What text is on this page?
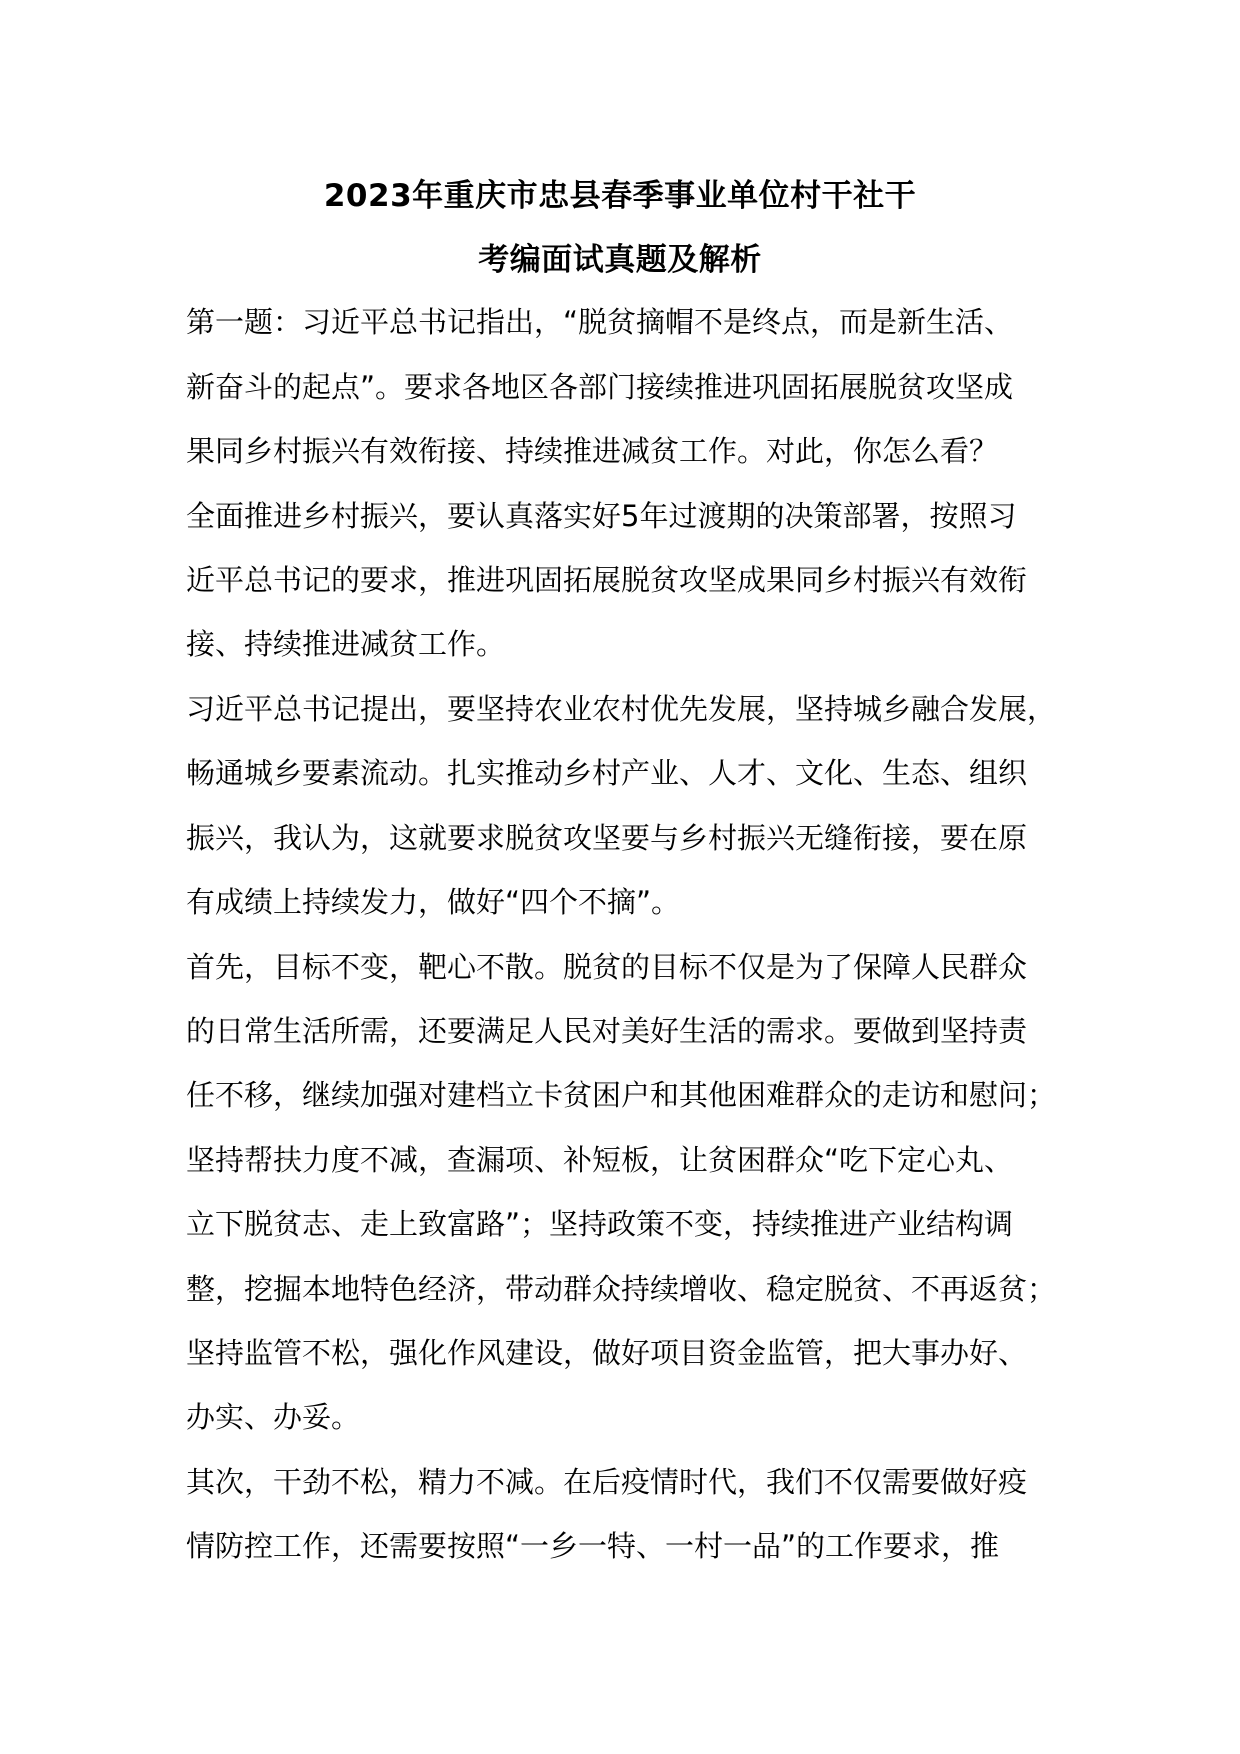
2023年重庆市忠县春季事业单位村干社干
考编面试真题及解析
第一题：习近平总书记指出，“脱贫摘帽不是终点，而是新生活、
新奋斗的起点”。要求各地区各部门接续推进巩固拓展脱贫攻坚成
果同乡村振兴有效衔接、持续推进减贫工作。对此，你怎么看？
全面推进乡村振兴，要认真落实好5年过渡期的决策部署，按照习
近平总书记的要求，推进巩固拓展脱贫攻坚成果同乡村振兴有效衔
接、持续推进减贫工作。
习近平总书记提出，要坚持农业农村优先发展，坚持城乡融合发展，
畅通城乡要素流动。扎实推动乡村产业、人才、文化、生态、组织
振兴，我认为，这就要求脱贫攻坚要与乡村振兴无缝衔接，要在原
有成绩上持续发力，做好“四个不摘”。
首先，目标不变，靶心不散。脱贫的目标不仅是为了保障人民群众
的日常生活所需，还要满足人民对美好生活的需求。要做到坚持责
任不移，继续加强对建档立卡贫困户和其他困难群众的走访和慰问；
坚持帮扶力度不减，查漏项、补短板，让贫困群众“吃下定心丸、
立下脱贫志、走上致富路”；坚持政策不变，持续推进产业结构调
整，挖掘本地特色经济，带动群众持续增收、稳定脱贫、不再返贫；
坚持监管不松，强化作风建设，做好项目资金监管，把大事办好、
办实、办妥。
其次，干劲不松，精力不减。在后疫情时代，我们不仅需要做好疫
情防控工作，还需要按照“一乡一特、一村一品”的工作要求，推
